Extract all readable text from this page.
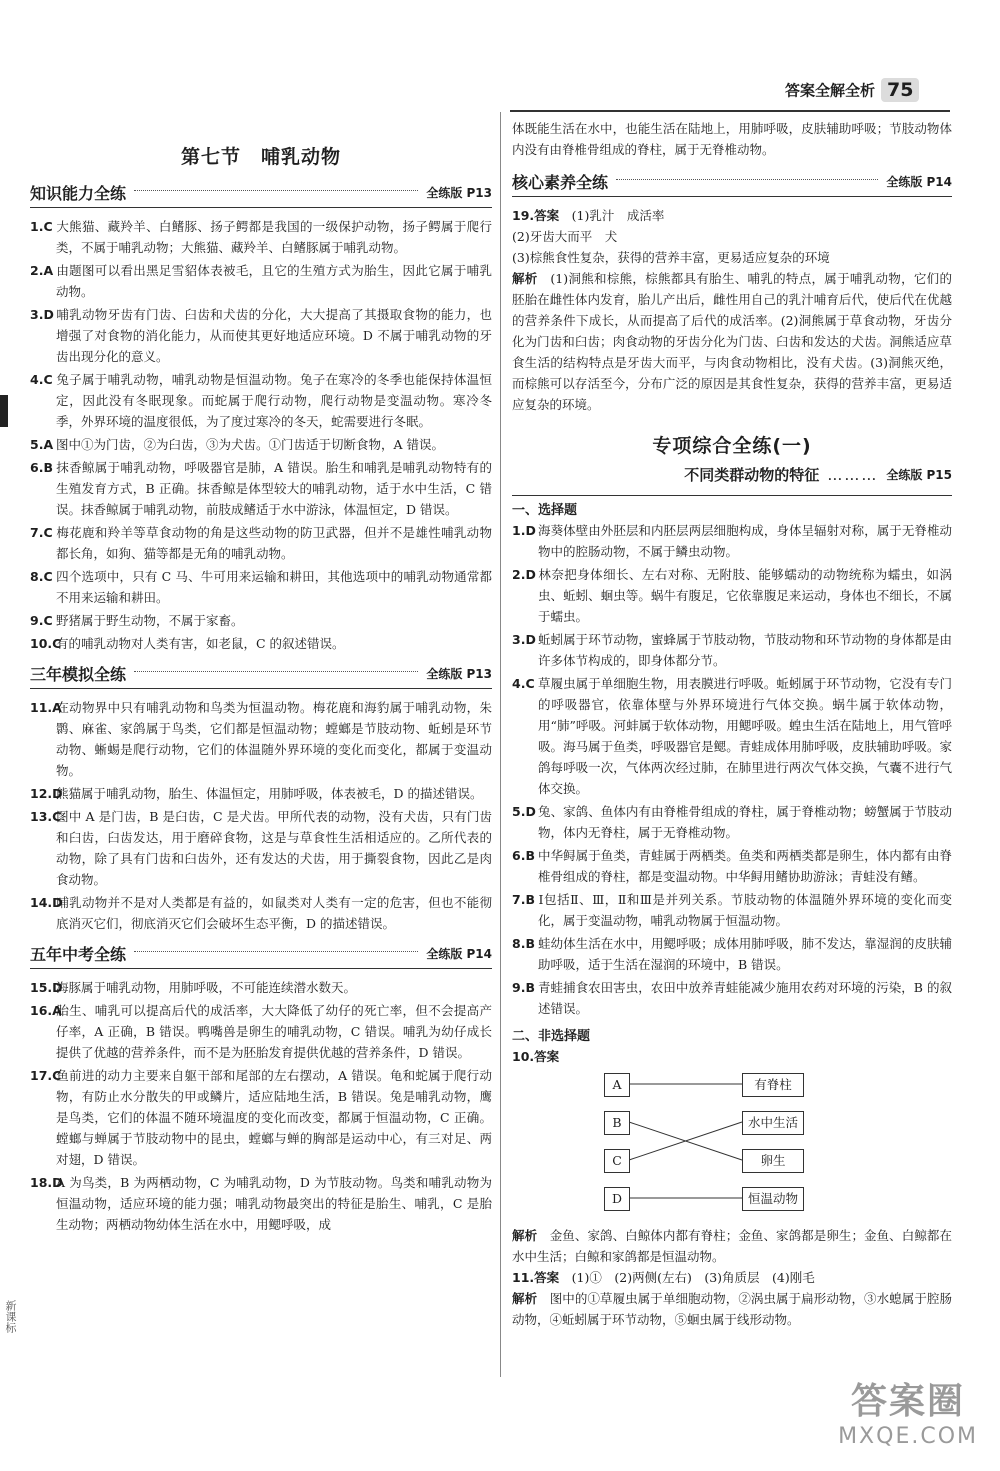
答案全解全析 75
新课标
第七节　哺乳动物
知识能力全练	全练版 P13

1.C 大熊猫、藏羚羊、白鳍豚、扬子鳄都是我国的一级保护动物，扬子鳄属于爬行类，不属于哺乳动物；大熊猫、藏羚羊、白鳍豚属于哺乳动物。

2.A 由题图可以看出黑足雪貂体表被毛，且它的生殖方式为胎生，因此它属于哺乳动物。

3.D 哺乳动物牙齿有门齿、臼齿和犬齿的分化，大大提高了其摄取食物的能力，也增强了对食物的消化能力，从而使其更好地适应环境。D 不属于哺乳动物的牙齿出现分化的意义。

4.C 兔子属于哺乳动物，哺乳动物是恒温动物。兔子在寒冷的冬季也能保持体温恒定，因此没有冬眠现象。而蛇属于爬行动物，爬行动物是变温动物。寒冷冬季，外界环境的温度很低，为了度过寒冷的冬天，蛇需要进行冬眠。

5.A 图中①为门齿，②为臼齿，③为犬齿。①门齿适于切断食物，A 错误。

6.B 抹香鲸属于哺乳动物，呼吸器官是肺，A 错误。胎生和哺乳是哺乳动物特有的生殖发育方式，B 正确。抹香鲸是体型较大的哺乳动物，适于水中生活，C 错误。抹香鲸属于哺乳动物，前肢成鳍适于水中游泳，体温恒定，D 错误。

7.C 梅花鹿和羚羊等草食动物的角是这些动物的防卫武器，但并不是雄性哺乳动物都长角，如狗、猫等都是无角的哺乳动物。

8.C 四个选项中，只有 C 马、牛可用来运输和耕田，其他选项中的哺乳动物通常都不用来运输和耕田。

9.C 野猪属于野生动物，不属于家畜。

10.C有的哺乳动物对人类有害，如老鼠，C 的叙述错误。

三年模拟全练	全练版 P13

11.A在动物界中只有哺乳动物和鸟类为恒温动物。梅花鹿和海豹属于哺乳动物，朱鹮、麻雀、家鸽属于鸟类，它们都是恒温动物；螳螂是节肢动物、蚯蚓是环节动物、蜥蜴是爬行动物，它们的体温随外界环境的变化而变化，都属于变温动物。

12.D熊猫属于哺乳动物，胎生、体温恒定，用肺呼吸，体表被毛，D 的描述错误。

13.C图中 A 是门齿，B 是臼齿，C 是犬齿。甲所代表的动物，没有犬齿，只有门齿和臼齿，臼齿发达，用于磨碎食物，这是与草食性生活相适应的。乙所代表的动物，除了具有门齿和臼齿外，还有发达的犬齿，用于撕裂食物，因此乙是肉食动物。

14.D哺乳动物并不是对人类都是有益的，如鼠类对人类有一定的危害，但也不能彻底消灭它们，彻底消灭它们会破坏生态平衡，D 的描述错误。

五年中考全练	全练版 P14

15.D海豚属于哺乳动物，用肺呼吸，不可能连续潜水数天。

16.A胎生、哺乳可以提高后代的成活率，大大降低了幼仔的死亡率，但不会提高产仔率，A 正确，B 错误。鸭嘴兽是卵生的哺乳动物，C 错误。哺乳为幼仔成长提供了优越的营养条件，而不是为胚胎发育提供优越的营养条件，D 错误。

17.C鱼前进的动力主要来自躯干部和尾部的左右摆动，A 错误。龟和蛇属于爬行动物，有防止水分散失的甲或鳞片，适应陆地生活，B 错误。兔是哺乳动物，鹰是鸟类，它们的体温不随环境温度的变化而改变，都属于恒温动物，C 正确。螳螂与蝉属于节肢动物中的昆虫，螳螂与蝉的胸部是运动中心，有三对足、两对翅，D 错误。

18.DA 为鸟类，B 为两栖动物，C 为哺乳动物，D 为节肢动物。鸟类和哺乳动物为恒温动物，适应环境的能力强；哺乳动物最突出的特征是胎生、哺乳，C 是胎生动物；两栖动物幼体生活在水中，用鳃呼吸，成

体既能生活在水中，也能生活在陆地上，用肺呼吸，皮肤辅助呼吸；节肢动物体内没有由脊椎骨组成的脊柱，属于无脊椎动物。

核心素养全练	全练版 P14

19.答案　 (1)乳汁　成活率

(2)牙齿大而平　犬

(3)棕熊食性复杂，获得的营养丰富，更易适应复杂的环境

解析　 (1)洞熊和棕熊，棕熊都具有胎生、哺乳的特点，属于哺乳动物，它们的胚胎在雌性体内发育，胎儿产出后，雌性用自己的乳汁哺育后代，使后代在优越的营养条件下成长，从而提高了后代的成活率。(2)洞熊属于草食动物，牙齿分化为门齿和臼齿；肉食动物的牙齿分化为门齿、臼齿和发达的犬齿。洞熊适应草食生活的结构特点是牙齿大而平，与肉食动物相比，没有犬齿。(3)洞熊灭绝，而棕熊可以存活至今，分布广泛的原因是其食性复杂，获得的营养丰富，更易适应复杂的环境。

专项综合全练(一)
不同类群动物的特征 ……… 全练版 P15
一、选择题

1.D 海葵体壁由外胚层和内胚层两层细胞构成，身体呈辐射对称，属于无脊椎动物中的腔肠动物，不属于鳞虫动物。

2.D 林奈把身体细长、左右对称、无附肢、能够蠕动的动物统称为蠕虫，如涡虫、蚯蚓、蛔虫等。蜗牛有腹足，它依靠腹足来运动，身体也不细长，不属于蠕虫。

3.D 蚯蚓属于环节动物，蜜蜂属于节肢动物，节肢动物和环节动物的身体都是由许多体节构成的，即身体都分节。

4.C 草履虫属于单细胞生物，用表膜进行呼吸。蚯蚓属于环节动物，它没有专门的呼吸器官，依靠体壁与外界环境进行气体交换。蜗牛属于软体动物，用“肺”呼吸。河蚌属于软体动物，用鳃呼吸。蝗虫生活在陆地上，用气管呼吸。海马属于鱼类，呼吸器官是鳃。青蛙成体用肺呼吸，皮肤辅助呼吸。家鸽每呼吸一次，气体两次经过肺，在肺里进行两次气体交换，气囊不进行气体交换。

5.D 兔、家鸽、鱼体内有由脊椎骨组成的脊柱，属于脊椎动物；螃蟹属于节肢动物，体内无脊柱，属于无脊椎动物。

6.B 中华鲟属于鱼类，青蛙属于两栖类。鱼类和两栖类都是卵生，体内都有由脊椎骨组成的脊柱，都是变温动物。中华鲟用鳍协助游泳；青蛙没有鳍。

7.B Ⅰ包括Ⅱ、Ⅲ，Ⅱ和Ⅲ是并列关系。节肢动物的体温随外界环境的变化而变化，属于变温动物，哺乳动物属于恒温动物。

8.B 蛙幼体生活在水中，用鳃呼吸；成体用肺呼吸，肺不发达，靠湿润的皮肤辅助呼吸，适于生活在湿润的环境中，B 错误。

9.B 青蛙捕食农田害虫，农田中放养青蛙能减少施用农药对环境的污染，B 的叙述错误。

二、非选择题

10.答案

A
B
C
D
有脊柱
水中生活
卵生
恒温动物

解析　 金鱼、家鸽、白鲸体内都有脊柱；金鱼、家鸽都是卵生；金鱼、白鲸都在水中生活；白鲸和家鸽都是恒温动物。

11.答案　 (1)①　(2)两侧(左右)　(3)角质层　(4)刚毛

解析　 图中的①草履虫属于单细胞动物，②涡虫属于扁形动物，③水螅属于腔肠动物，④蚯蚓属于环节动物，⑤蛔虫属于线形动物。

答案圈
MXQE.COM
